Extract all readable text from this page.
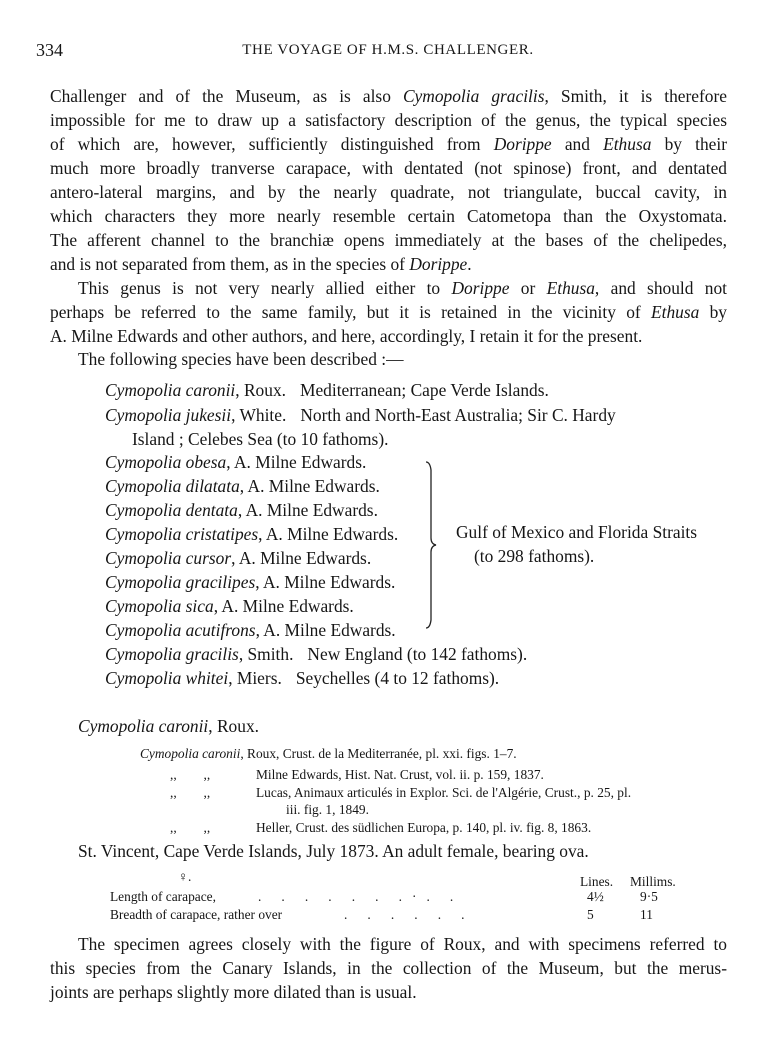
334	THE VOYAGE OF H.M.S. CHALLENGER.
Challenger and of the Museum, as is also Cymopolia gracilis, Smith, it is therefore
impossible for me to draw up a satisfactory description of the genus, the typical species
of which are, however, sufficiently distinguished from Dorippe and Ethusa by their
much more broadly tranverse carapace, with dentated (not spinose) front, and dentated
antero-lateral margins, and by the nearly quadrate, not triangulate, buccal cavity, in
which characters they more nearly resemble certain Catometopa than the Oxystomata.
The afferent channel to the branchiæ opens immediately at the bases of the chelipedes,
and is not separated from them, as in the species of Dorippe.
This genus is not very nearly allied either to Dorippe or Ethusa, and should not
perhaps be referred to the same family, but it is retained in the vicinity of Ethusa by
A. Milne Edwards and other authors, and here, accordingly, I retain it for the present.
The following species have been described :—
Cymopolia caronii, Roux. Mediterranean; Cape Verde Islands.
Cymopolia jukesii, White. North and North-East Australia; Sir C. Hardy
Island ; Celebes Sea (to 10 fathoms).
Cymopolia obesa, A. Milne Edwards.
Cymopolia dilatata, A. Milne Edwards.
Cymopolia dentata, A. Milne Edwards.
Cymopolia cristatipes, A. Milne Edwards.
Cymopolia cursor, A. Milne Edwards.
Cymopolia gracilipes, A. Milne Edwards.
Cymopolia sica, A. Milne Edwards.
Cymopolia acutifrons, A. Milne Edwards.
Cymopolia gracilis, Smith. New England (to 142 fathoms).
Cymopolia whitei, Miers. Seychelles (4 to 12 fathoms).
Gulf of Mexico and Florida Straits
(to 298 fathoms).
Cymopolia caronii, Roux.
Cymopolia caronii, Roux, Crust. de la Mediterranée, pl. xxi. figs. 1–7.
,,        ,,	Milne Edwards, Hist. Nat. Crust, vol. ii. p. 159, 1837.
,,        ,,	Lucas, Animaux articulés in Explor. Sci. de l'Algérie, Crust., p. 25, pl.
iii. fig. 1, 1849.
,,        ,,	Heller, Crust. des südlichen Europa, p. 140, pl. iv. fig. 8, 1863.
St. Vincent, Cape Verde Islands, July 1873. An adult female, bearing ova.
♀.	Lines. Millims.
Length of carapace,	.      .      .      .      .      .      .   ·   .      .	4½	9·5
Breadth of carapace, rather over	.      .      .      .      .      .	5	11
The specimen agrees closely with the figure of Roux, and with specimens referred to
this species from the Canary Islands, in the collection of the Museum, but the merus-
joints are perhaps slightly more dilated than is usual.
